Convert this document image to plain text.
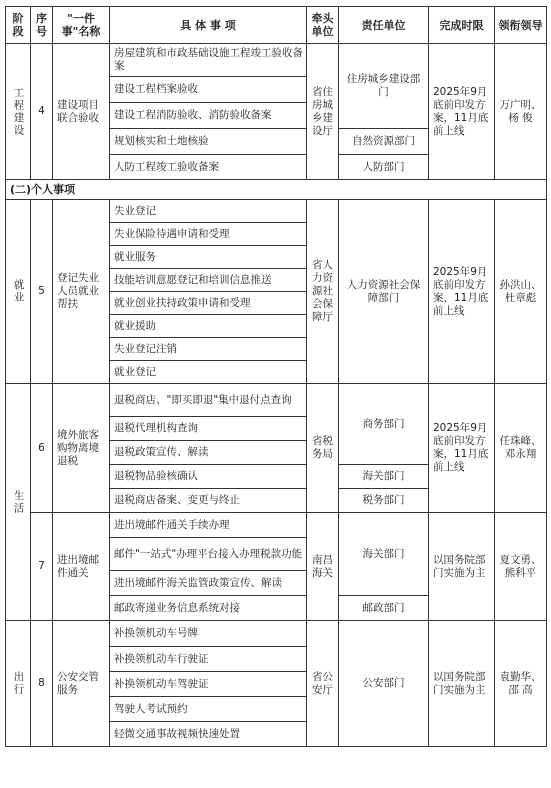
阶段	序号	"一件事"名称	具 体 事 项	牵头单位	责任单位	完成时限	领衔领导

工程建设	4	建设项目联合验收	房屋建筑和市政基础设施工程竣工验收备案	省住房城乡建设厅	住房城乡建设部门	2025年9月底前印发方案，11月底前上线	万广明、杨 俊
			建设工程档案验收				
			建设工程消防验收、消防验收备案				
			规划核实和土地核验		自然资源部门		
			人防工程竣工验收备案		人防部门		
(二)个人事项							

就业	5	登记失业人员就业帮扶	失业登记	省人力资源社会保障厅	人力资源社会保障部门	2025年9月底前印发方案，11月底前上线	孙洪山、杜章彪
			失业保险待遇申请和受理				
			就业服务				
			技能培训意愿登记和培训信息推送				
			就业创业扶持政策申请和受理				
			就业援助				
			失业登记注销				
			就业登记				

生活	6	境外旅客购物离境退税	退税商店、"即买即退"集中退付点查询	省税务局	商务部门	2025年9月底前印发方案，11月底前上线	任珠峰、邓永翔
			退税代理机构查询				
			退税政策宣传、解读				
			退税物品验核确认		海关部门		
			退税商店备案、变更与终止		税务部门		
	7	进出境邮件通关	进出境邮件通关手续办理	南昌海关	海关部门	以国务院部门实施为主	夏文勇、熊科平
			邮件"一站式"办理平台接入办理税款功能				
			进出境邮件海关监管政策宣传、解读				
			邮政寄递业务信息系统对接		邮政部门		

出行	8	公安交管服务	补换领机动车号牌	省公安厅	公安部门	以国务院部门实施为主	袁勤华、邵 高
			补换领机动车行驶证				
			补换领机动车驾驶证				
			驾驶人考试预约				
			轻微交通事故视频快速处置				
